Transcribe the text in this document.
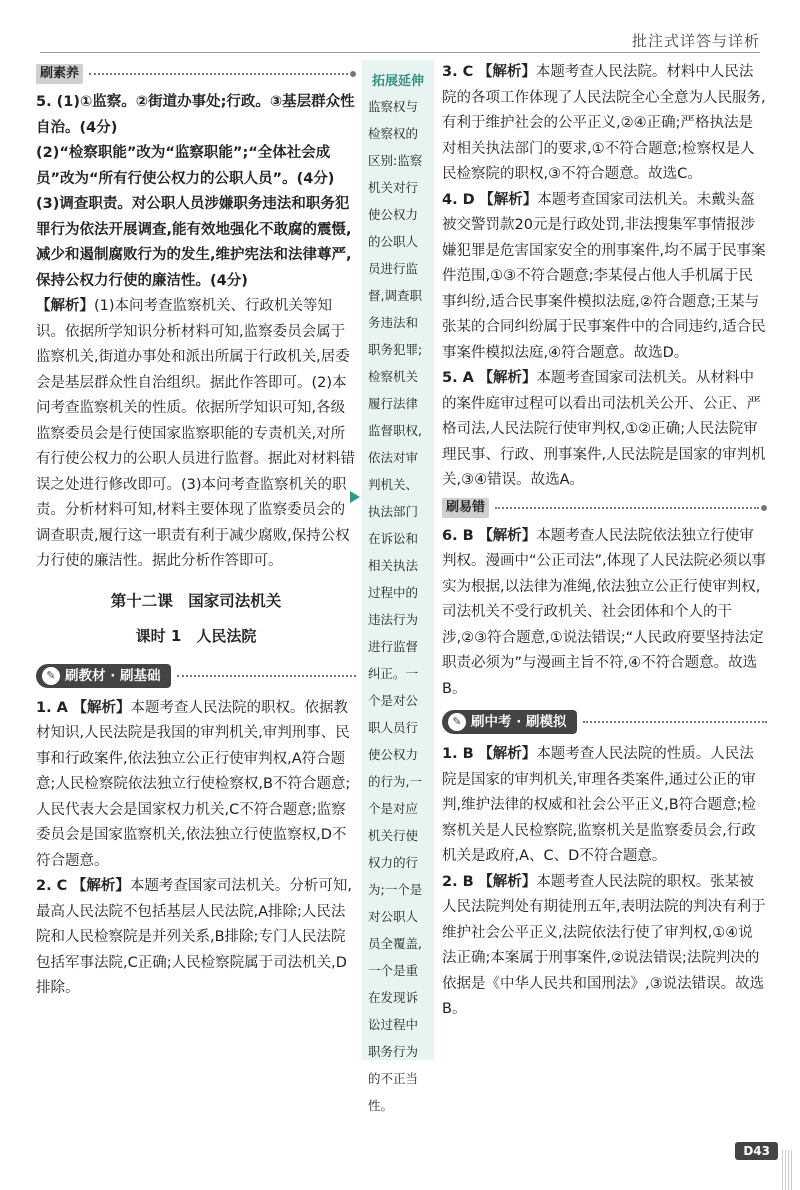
批注式详答与详析
刷素养
5. (1)①监察。②街道办事处;行政。③基层群众性自治。(4分)
(2)“检察职能”改为“监察职能”;“全体社会成员”改为“所有行使公权力的公职人员”。(4分)
(3)调查职责。对公职人员涉嫌职务违法和职务犯罪行为依法开展调查,能有效地强化不敢腐的震慑,减少和遏制腐败行为的发生,维护宪法和法律尊严,保持公权力行使的廉洁性。(4分)
【解析】(1)本问考查监察机关、行政机关等知识。依据所学知识分析材料可知,监察委员会属于监察机关,街道办事处和派出所属于行政机关,居委会是基层群众性自治组织。据此作答即可。(2)本问考查监察机关的性质。依据所学知识可知,各级监察委员会是行使国家监察职能的专责机关,对所有行使公权力的公职人员进行监督。据此对材料错误之处进行修改即可。(3)本问考查监察机关的职责。分析材料可知,材料主要体现了监察委员会的调查职责,履行这一职责有利于减少腐败,保持公权力行使的廉洁性。据此分析作答即可。
第十二课　国家司法机关
课时 1　人民法院
✎ 刷教材 · 刷基础
1. A 【解析】本题考查人民法院的职权。依据教材知识,人民法院是我国的审判机关,审判刑事、民事和行政案件,依法独立公正行使审判权,A符合题意;人民检察院依法独立行使检察权,B不符合题意;人民代表大会是国家权力机关,C不符合题意;监察委员会是国家监察机关,依法独立行使监察权,D不符合题意。
2. C 【解析】本题考查国家司法机关。分析可知,最高人民法院不包括基层人民法院,A排除;人民法院和人民检察院是并列关系,B排除;专门人民法院包括军事法院,C正确;人民检察院属于司法机关,D排除。
拓展延伸
监察权与检察权的区别:监察机关对行使公权力的公职人员进行监督,调查职务违法和职务犯罪;检察机关履行法律监督职权,依法对审判机关、执法部门在诉讼和相关执法过程中的违法行为进行监督纠正。一个是对公职人员行使公权力的行为,一个是对应机关行使权力的行为;一个是对公职人员全覆盖,一个是重在发现诉讼过程中职务行为的不正当性。
3. C 【解析】本题考查人民法院。材料中人民法院的各项工作体现了人民法院全心全意为人民服务,有利于维护社会的公平正义,②④正确;严格执法是对相关执法部门的要求,①不符合题意;检察权是人民检察院的职权,③不符合题意。故选C。
4. D 【解析】本题考查国家司法机关。未戴头盔被交警罚款20元是行政处罚,非法搜集军事情报涉嫌犯罪是危害国家安全的刑事案件,均不属于民事案件范围,①③不符合题意;李某侵占他人手机属于民事纠纷,适合民事案件模拟法庭,②符合题意;王某与张某的合同纠纷属于民事案件中的合同违约,适合民事案件模拟法庭,④符合题意。故选D。
5. A 【解析】本题考查国家司法机关。从材料中的案件庭审过程可以看出司法机关公开、公正、严格司法,人民法院行使审判权,①②正确;人民法院审理民事、行政、刑事案件,人民法院是国家的审判机关,③④错误。故选A。
刷易错
6. B 【解析】本题考查人民法院依法独立行使审判权。漫画中“公正司法”,体现了人民法院必须以事实为根据,以法律为准绳,依法独立公正行使审判权,司法机关不受行政机关、社会团体和个人的干涉,②③符合题意,①说法错误;“人民政府要坚持法定职责必须为”与漫画主旨不符,④不符合题意。故选B。
✎ 刷中考 · 刷模拟
1. B 【解析】本题考查人民法院的性质。人民法院是国家的审判机关,审理各类案件,通过公正的审判,维护法律的权威和社会公平正义,B符合题意;检察机关是人民检察院,监察机关是监察委员会,行政机关是政府,A、C、D不符合题意。
2. B 【解析】本题考查人民法院的职权。张某被人民法院判处有期徒刑五年,表明法院的判决有利于维护社会公平正义,法院依法行使了审判权,①④说法正确;本案属于刑事案件,②说法错误;法院判决的依据是《中华人民共和国刑法》,③说法错误。故选B。
D43
